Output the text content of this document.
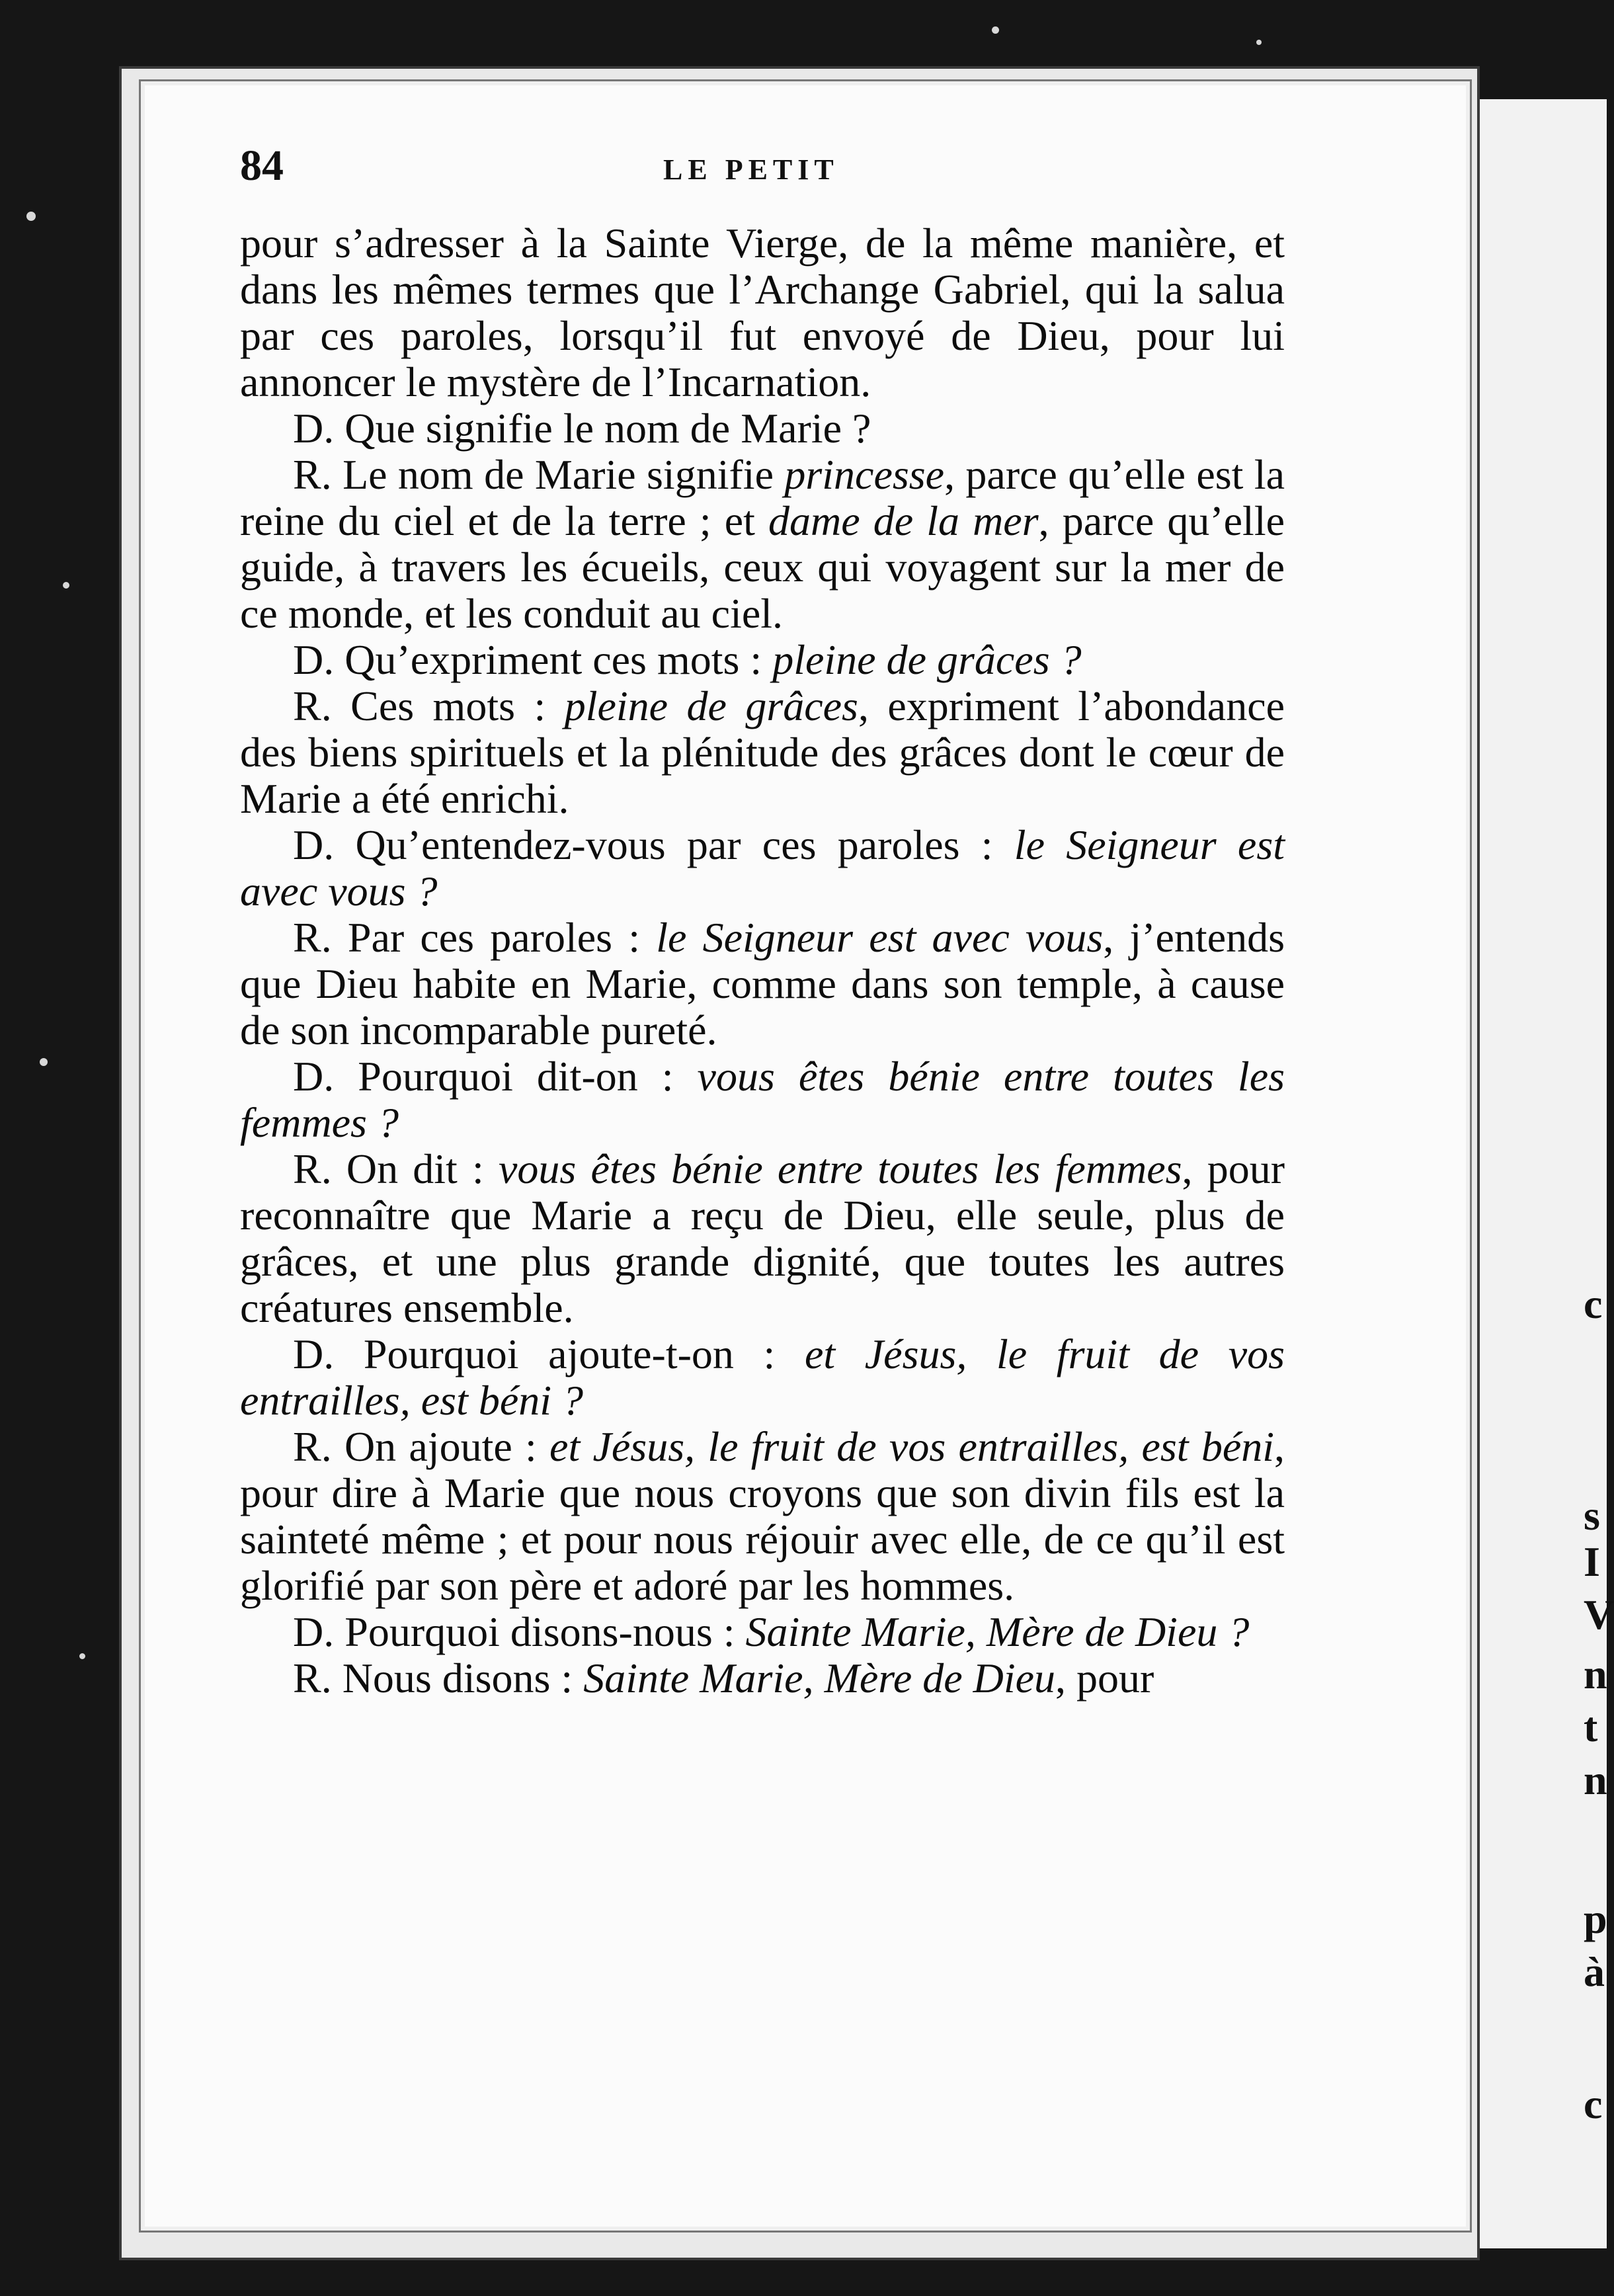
c
s
I
V
n
t
n
p
à
c
84	LE PETIT

pour s’adresser à la Sainte Vierge, de la même manière, et dans les mêmes termes que l’Archange Gabriel, qui la salua par ces paroles, lorsqu’il fut envoyé de Dieu, pour lui annoncer le mystère de l’Incarnation.

D. Que signifie le nom de Marie ?

R. Le nom de Marie signifie princesse, parce qu’elle est la reine du ciel et de la terre ; et dame de la mer, parce qu’elle guide, à travers les écueils, ceux qui voyagent sur la mer de ce monde, et les conduit au ciel.

D. Qu’expriment ces mots : pleine de grâces ?

R. Ces mots : pleine de grâces, expriment l’abondance des biens spirituels et la plénitude des grâces dont le cœur de Marie a été enrichi.

D. Qu’entendez-vous par ces paroles : le Seigneur est avec vous ?

R. Par ces paroles : le Seigneur est avec vous, j’entends que Dieu habite en Marie, comme dans son temple, à cause de son incomparable pureté.

D. Pourquoi dit-on : vous êtes bénie entre toutes les femmes ?

R. On dit : vous êtes bénie entre toutes les femmes, pour reconnaître que Marie a reçu de Dieu, elle seule, plus de grâces, et une plus grande dignité, que toutes les autres créatures ensemble.

D. Pourquoi ajoute-t-on : et Jésus, le fruit de vos entrailles, est béni ?

R. On ajoute : et Jésus, le fruit de vos entrailles, est béni, pour dire à Marie que nous croyons que son divin fils est la sainteté même ; et pour nous réjouir avec elle, de ce qu’il est glorifié par son père et adoré par les hommes.

D. Pourquoi disons-nous : Sainte Marie, Mère de Dieu ?

R. Nous disons : Sainte Marie, Mère de Dieu, pour
